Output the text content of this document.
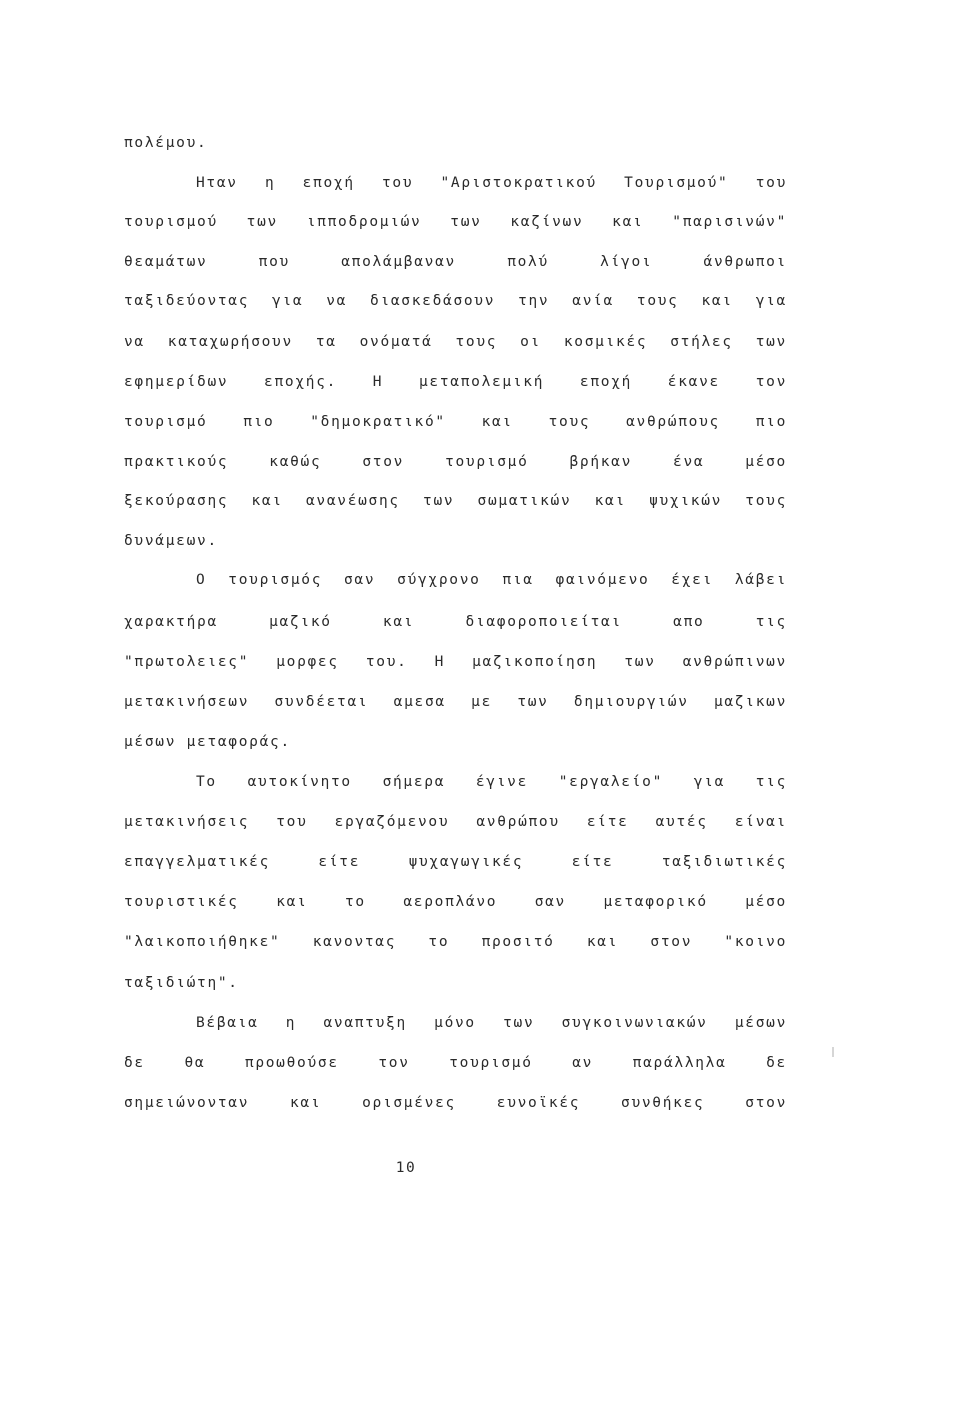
πολέμου.
Ηταν η εποχή του "Αριστοκρατικού Τουρισμού" του
τουρισμού των ιπποδρομιών των καζίνων και "παρισινών"
θεαμάτων που απολάμβαναν πολύ λίγοι άνθρωποι
ταξιδεύοντας για να διασκεδάσουν την ανία τους και για
να καταχωρήσουν τα ονόματά τους οι κοσμικές στήλες των
εφημερίδων εποχής. Η μεταπολεμική εποχή έκανε τον
τουρισμό πιο "δημοκρατικό" και τους ανθρώπους πιο
πρακτικούς καθώς στον τουρισμό βρήκαν ένα μέσο
ξεκούρασης και ανανέωσης των σωματικών και ψυχικών τους
δυνάμεων.
Ο τουρισμός σαν σύγχρονο πια φαινόμενο έχει λάβει
χαρακτήρα μαζικό και διαφοροποιείται απο τις
"πρωτολειες" μορφες του. Η μαζικοποίηση των ανθρώπινων
μετακινήσεων συνδέεται αμεσα με των δημιουργιών μαζικων
μέσων μεταφοράς.
Το αυτοκίνητο σήμερα έγινε "εργαλείο" για τις
μετακινήσεις του εργαζόμενου ανθρώπου είτε αυτές είναι
επαγγελματικές είτε ψυχαγωγικές είτε ταξιδιωτικές
τουριστικές και το αεροπλάνο σαν μεταφορικό μέσο
"λαικοποιήθηκε" κανοντας το προσιτό και στον "κοινο
ταξιδιώτη".
Βέβαια η αναπτυξη μόνο των συγκοινωνιακών μέσων
δε θα προωθούσε τον τουρισμό αν παράλληλα δε
σημειώνονταν και ορισμένες ευνοϊκές συνθήκες στον
10
